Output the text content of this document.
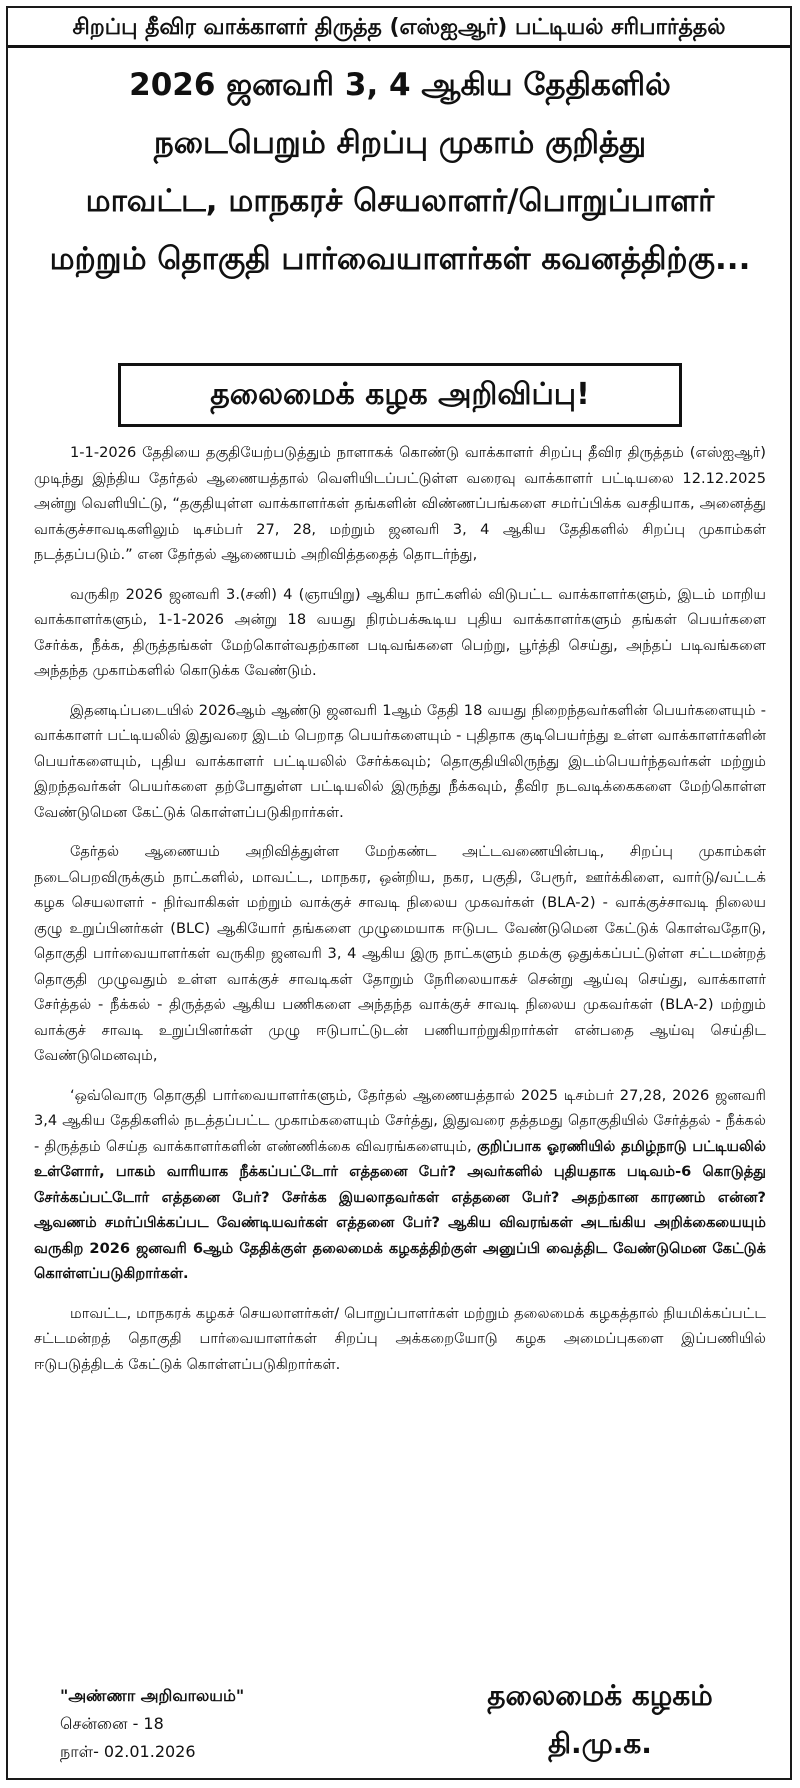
சிறப்பு தீவிர வாக்காளர் திருத்த (எஸ்ஐஆர்) பட்டியல் சரிபார்த்தல்
2026 ஜனவரி 3, 4 ஆகிய தேதிகளில்
நடைபெறும் சிறப்பு முகாம் குறித்து
மாவட்ட, மாநகரச் செயலாளர்/பொறுப்பாளர்
மற்றும் தொகுதி பார்வையாளர்கள் கவனத்திற்கு...
தலைமைக் கழக அறிவிப்பு!

1-1-2026 தேதியை தகுதியேற்படுத்தும் நாளாகக் கொண்டு வாக்காளர் சிறப்பு தீவிர திருத்தம் (எஸ்ஐஆர்) முடிந்து இந்திய தேர்தல் ஆணையத்தால் வெளியிடப்பட்டுள்ள வரைவு வாக்காளர் பட்டியலை 12.12.2025 அன்று வெளியிட்டு, “தகுதியுள்ள வாக்காளர்கள் தங்களின் விண்ணப்பங்களை சமர்ப்பிக்க வசதியாக, அனைத்து வாக்குச்சாவடிகளிலும் டிசம்பர் 27, 28, மற்றும் ஜனவரி 3, 4 ஆகிய தேதிகளில் சிறப்பு முகாம்கள் நடத்தப்படும்.” என தேர்தல் ஆணையம் அறிவித்ததைத் தொடர்ந்து,

வருகிற 2026 ஜனவரி 3.(சனி) 4 (ஞாயிறு) ஆகிய நாட்களில் விடுபட்ட வாக்காளர்களும், இடம் மாறிய வாக்காளர்களும், 1-1-2026 அன்று 18 வயது நிரம்பக்கூடிய புதிய வாக்காளர்களும் தங்கள் பெயர்களை சேர்க்க, நீக்க, திருத்தங்கள் மேற்கொள்வதற்கான படிவங்களை பெற்று, பூர்த்தி செய்து, அந்தப் படிவங்களை அந்தந்த முகாம்களில் கொடுக்க வேண்டும்.

இதனடிப்படையில் 2026ஆம் ஆண்டு ஜனவரி 1ஆம் தேதி 18 வயது நிறைந்தவர்களின் பெயர்களையும் - வாக்காளர் பட்டியலில் இதுவரை இடம் பெறாத பெயர்களையும் - புதிதாக குடிபெயர்ந்து உள்ள வாக்காளர்களின் பெயர்களையும், புதிய வாக்காளர் பட்டியலில் சேர்க்கவும்; தொகுதியிலிருந்து இடம்பெயர்ந்தவர்கள் மற்றும் இறந்தவர்கள் பெயர்களை தற்போதுள்ள பட்டியலில் இருந்து நீக்கவும், தீவிர நடவடிக்கைகளை மேற்கொள்ள வேண்டுமென கேட்டுக் கொள்ளப்படுகிறார்கள்.

தேர்தல் ஆணையம் அறிவித்துள்ள மேற்கண்ட அட்டவணையின்படி, சிறப்பு முகாம்கள் நடைபெறவிருக்கும் நாட்களில், மாவட்ட, மாநகர, ஒன்றிய, நகர, பகுதி, பேரூர், ஊர்க்கிளை, வார்டு/வட்டக் கழக செயலாளர் - நிர்வாகிகள் மற்றும் வாக்குச் சாவடி நிலைய முகவர்கள் (BLA-2) - வாக்குச்சாவடி நிலைய குழு உறுப்பினர்கள் (BLC) ஆகியோர் தங்களை முழுமையாக ஈடுபட வேண்டுமென கேட்டுக் கொள்வதோடு, தொகுதி பார்வையாளர்கள் வருகிற ஜனவரி 3, 4 ஆகிய இரு நாட்களும் தமக்கு ஒதுக்கப்பட்டுள்ள சட்டமன்றத் தொகுதி முழுவதும் உள்ள வாக்குச் சாவடிகள் தோறும் நேரிலையாகச் சென்று ஆய்வு செய்து, வாக்காளர் சேர்த்தல் - நீக்கல் - திருத்தல் ஆகிய பணிகளை அந்தந்த வாக்குச் சாவடி நிலைய முகவர்கள் (BLA-2) மற்றும் வாக்குச் சாவடி உறுப்பினர்கள் முழு ஈடுபாட்டுடன் பணியாற்றுகிறார்கள் என்பதை ஆய்வு செய்திட வேண்டுமெனவும்,

‘ஒவ்வொரு தொகுதி பார்வையாளர்களும், தேர்தல் ஆணையத்தால் 2025 டிசம்பர் 27,28, 2026 ஜனவரி 3,4 ஆகிய தேதிகளில் நடத்தப்பட்ட முகாம்களையும் சேர்த்து, இதுவரை தத்தமது தொகுதியில் சேர்த்தல் - நீக்கல் - திருத்தம் செய்த வாக்காளர்களின் எண்ணிக்கை விவரங்களையும், குறிப்பாக ஓரணியில் தமிழ்நாடு பட்டியலில் உள்ளோர், பாகம் வாரியாக நீக்கப்பட்டோர் எத்தனை பேர்? அவர்களில் புதியதாக படிவம்-6 கொடுத்து சேர்க்கப்பட்டோர் எத்தனை பேர்? சேர்க்க இயலாதவர்கள் எத்தனை பேர்? அதற்கான காரணம் என்ன? ஆவணம் சமர்ப்பிக்கப்பட வேண்டியவர்கள் எத்தனை பேர்? ஆகிய விவரங்கள் அடங்கிய அறிக்கையையும் வருகிற 2026 ஜனவரி 6ஆம் தேதிக்குள் தலைமைக் கழகத்திற்குள் அனுப்பி வைத்திட வேண்டுமென கேட்டுக் கொள்ளப்படுகிறார்கள்.

மாவட்ட, மாநகரக் கழகச் செயலாளர்கள்/ பொறுப்பாளர்கள் மற்றும் தலைமைக் கழகத்தால் நியமிக்கப்பட்ட சட்டமன்றத் தொகுதி பார்வையாளர்கள் சிறப்பு அக்கறையோடு கழக அமைப்புகளை இப்பணியில் ஈடுபடுத்திடக் கேட்டுக் கொள்ளப்படுகிறார்கள்.

"அண்ணா அறிவாலயம்"
சென்னை - 18
நாள்- 02.01.2026
தலைமைக் கழகம்
தி.மு.க.
